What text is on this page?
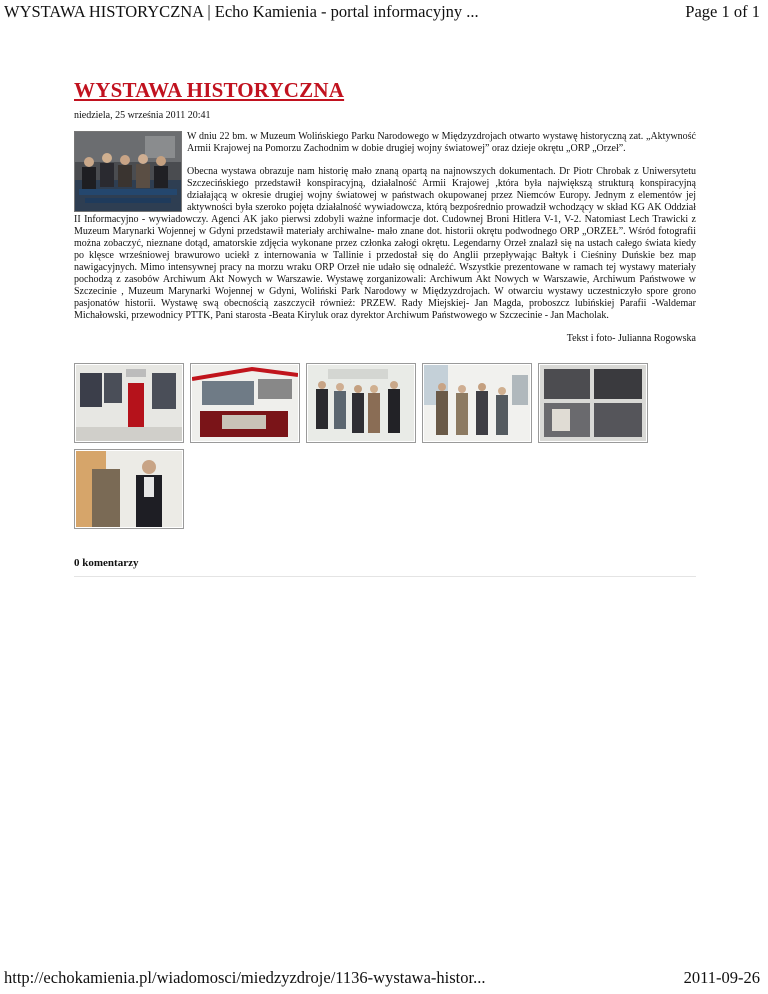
WYSTAWA HISTORYCZNA | Echo Kamienia - portal informacyjny ...	Page 1 of 1
WYSTAWA HISTORYCZNA
niedziela, 25 września 2011 20:41

W dniu 22 bm. w Muzeum Wolińskiego Parku Narodowego w Międzyzdrojach otwarto wystawę historyczną zat. „Aktywność Armii Krajowej na Pomorzu Zachodnim w dobie drugiej wojny światowej” oraz dzieje okrętu „ORP „Orzeł”.

Obecna wystawa obrazuje nam historię mało znaną opartą na najnowszych dokumentach. Dr Piotr Chrobak z Uniwersytetu Szczecińskiego przedstawił konspiracyjną, działalność Armii Krajowej ,która była największą strukturą konspiracyjną działającą w okresie drugiej wojny światowej w państwach okupowanej przez Niemców Europy. Jednym z elementów jej aktywności była szeroko pojęta działalność wywiadowcza, którą bezpośrednio prowadził wchodzący w skład KG AK Oddział II Informacyjno - wywiadowczy. Agenci AK jako pierwsi zdobyli ważne informacje dot. Cudownej Broni Hitlera V-1, V-2. Natomiast Lech Trawicki z Muzeum Marynarki Wojennej w Gdyni przedstawił materiały archiwalne- mało znane dot. historii okrętu podwodnego ORP „ORZEŁ”. Wśród fotografii można zobaczyć, nieznane dotąd, amatorskie zdjęcia wykonane przez członka załogi okrętu. Legendarny Orzeł znalazł się na ustach całego świata kiedy po klęsce wrześniowej brawurowo uciekł z internowania w Tallinie i przedostał się do Anglii przepływając Bałtyk i Cieśniny Duńskie bez map nawigacyjnych. Mimo intensywnej pracy na morzu wraku ORP Orzeł nie udało się odnaleźć. Wszystkie prezentowane w ramach tej wystawy materiały pochodzą z zasobów Archiwum Akt Nowych w Warszawie. Wystawę zorganizowali: Archiwum Akt Nowych w Warszawie, Archiwum Państwowe w Szczecinie , Muzeum Marynarki Wojennej w Gdyni, Woliński Park Narodowy w Międzyzdrojach. W otwarciu wystawy uczestniczyło spore grono pasjonatów historii. Wystawę swą obecnością zaszczycił również: PRZEW. Rady Miejskiej- Jan Magda, proboszcz lubińskiej Parafii -Waldemar Michałowski, przewodnicy PTTK, Pani starosta -Beata Kiryluk oraz dyrektor Archiwum Państwowego w Szczecinie - Jan Macholak.

Tekst i foto- Julianna Rogowska
0 komentarzy
http://echokamienia.pl/wiadomosci/miedzyzdroje/1136-wystawa-histor...	2011-09-26
